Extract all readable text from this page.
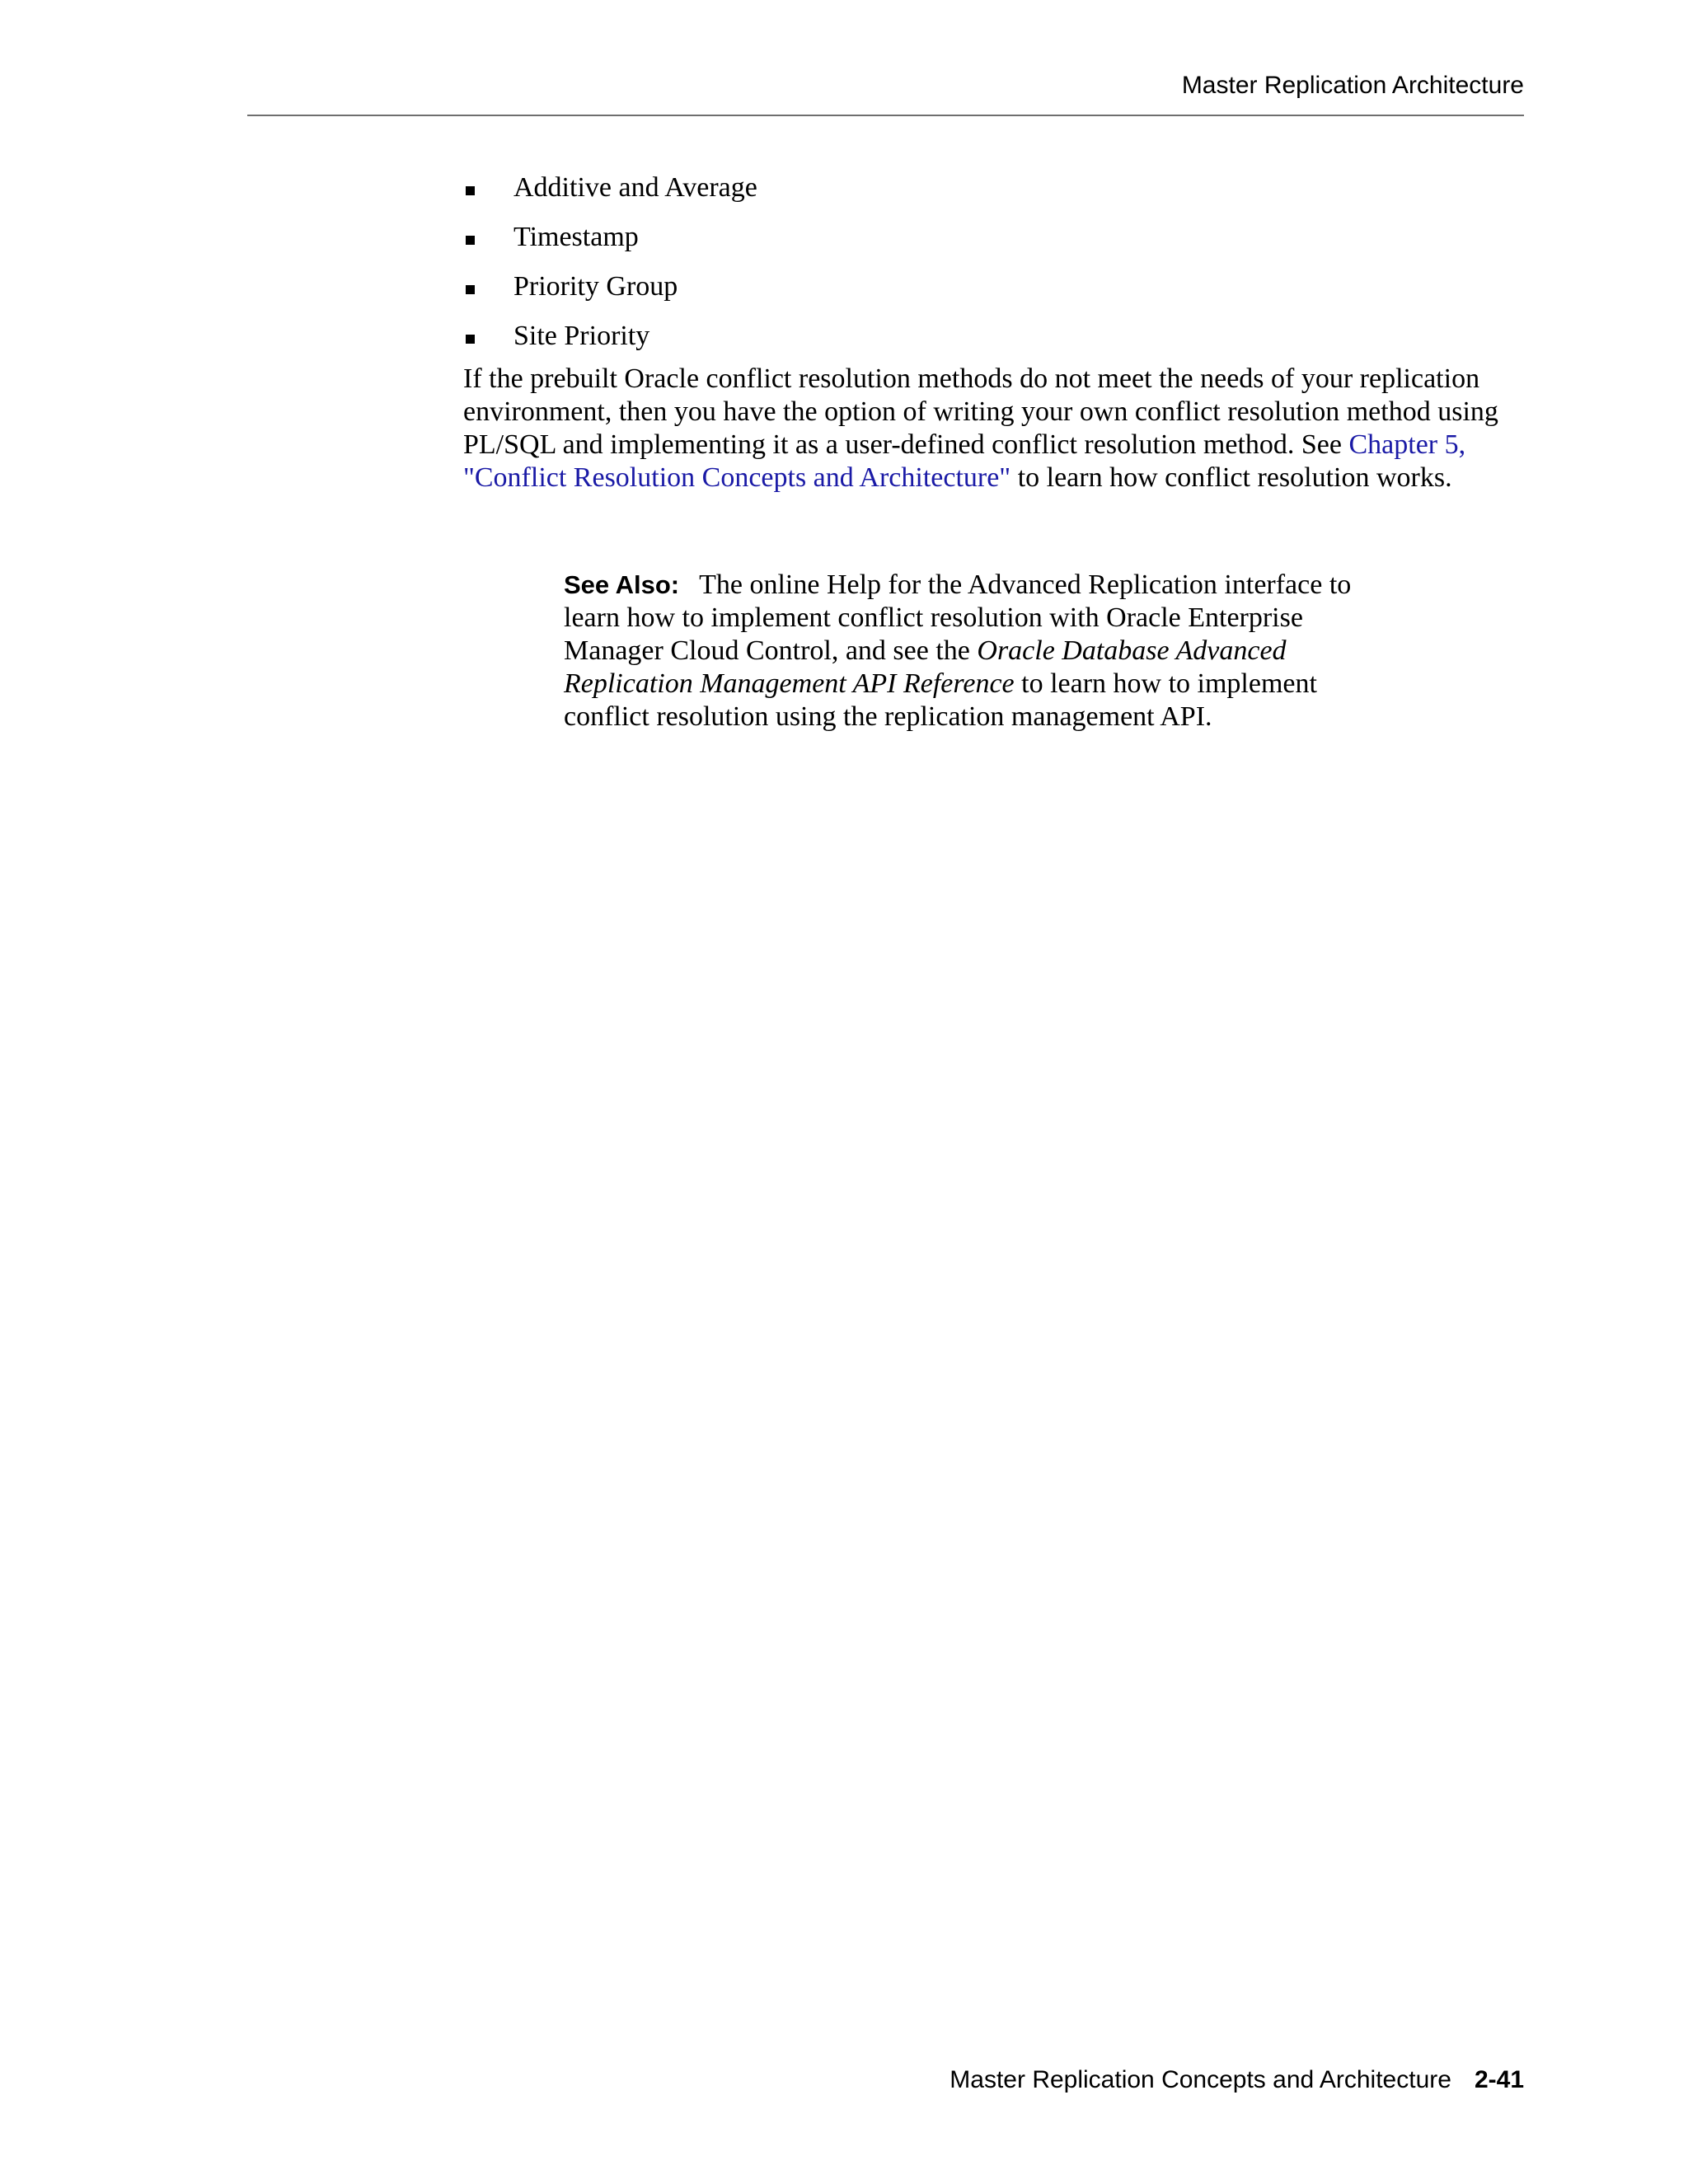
Master Replication Architecture
Additive and Average
Timestamp
Priority Group
Site Priority

If the prebuilt Oracle conflict resolution methods do not meet the needs of your replication environment, then you have the option of writing your own conflict resolution method using PL/SQL and implementing it as a user-defined conflict resolution method. See Chapter 5, "Conflict Resolution Concepts and Architecture" to learn how conflict resolution works.

See Also: The online Help for the Advanced Replication interface to learn how to implement conflict resolution with Oracle Enterprise Manager Cloud Control, and see the Oracle Database Advanced Replication Management API Reference to learn how to implement conflict resolution using the replication management API.

Master Replication Concepts and Architecture 2-41
